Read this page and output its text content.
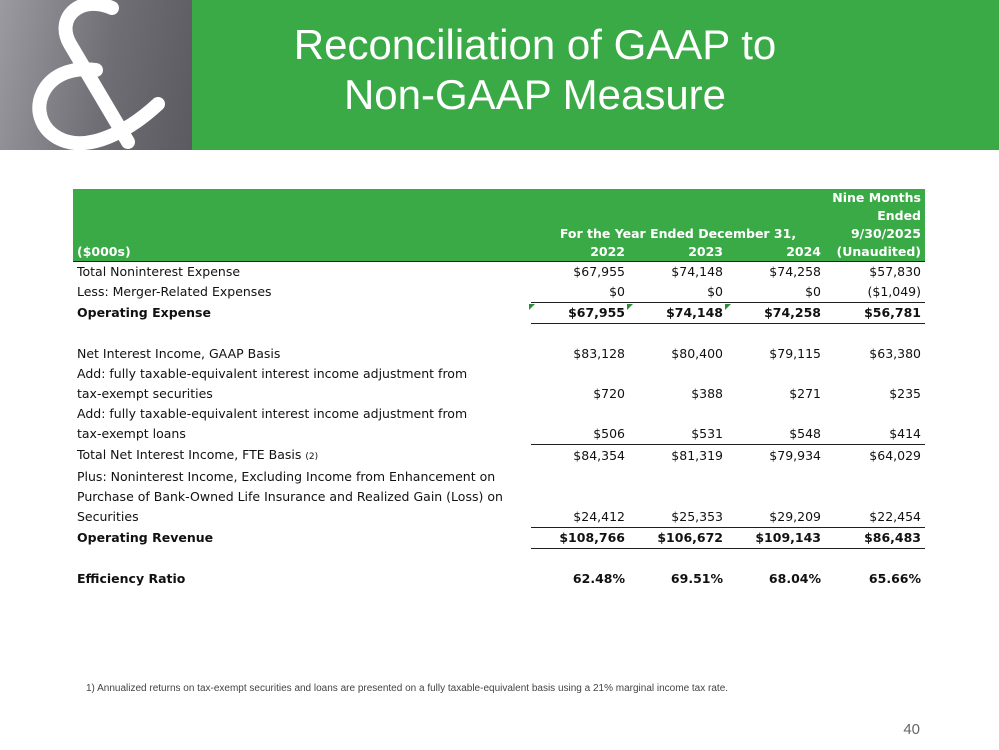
Reconciliation of GAAP to
Non-GAAP Measure
				Nine Months
				Ended
	For the Year Ended December 31,			9/30/2025
($000s)	2022	2023	2024	(Unaudited)
Total Noninterest Expense	$67,955	$74,148	$74,258	$57,830
Less: Merger-Related Expenses	$0	$0	$0	($1,049)
Operating Expense	$67,955	$74,148	$74,258	$56,781

Net Interest Income, GAAP Basis	$83,128	$80,400	$79,115	$63,380
Add: fully taxable-equivalent interest income adjustment from				
tax-exempt securities	$720	$388	$271	$235
Add: fully taxable-equivalent interest income adjustment from				
tax-exempt loans	$506	$531	$548	$414
Total Net Interest Income, FTE Basis (2)	$84,354	$81,319	$79,934	$64,029
Plus: Noninterest Income, Excluding Income from Enhancement on				
Purchase of Bank-Owned Life Insurance and Realized Gain (Loss) on				
Securities	$24,412	$25,353	$29,209	$22,454
Operating Revenue	$108,766	$106,672	$109,143	$86,483

Efficiency Ratio	62.48%	69.51%	68.04%	65.66%
1) Annualized returns on tax-exempt securities and loans are presented on a fully taxable-equivalent basis using a 21% marginal income tax rate.
40
